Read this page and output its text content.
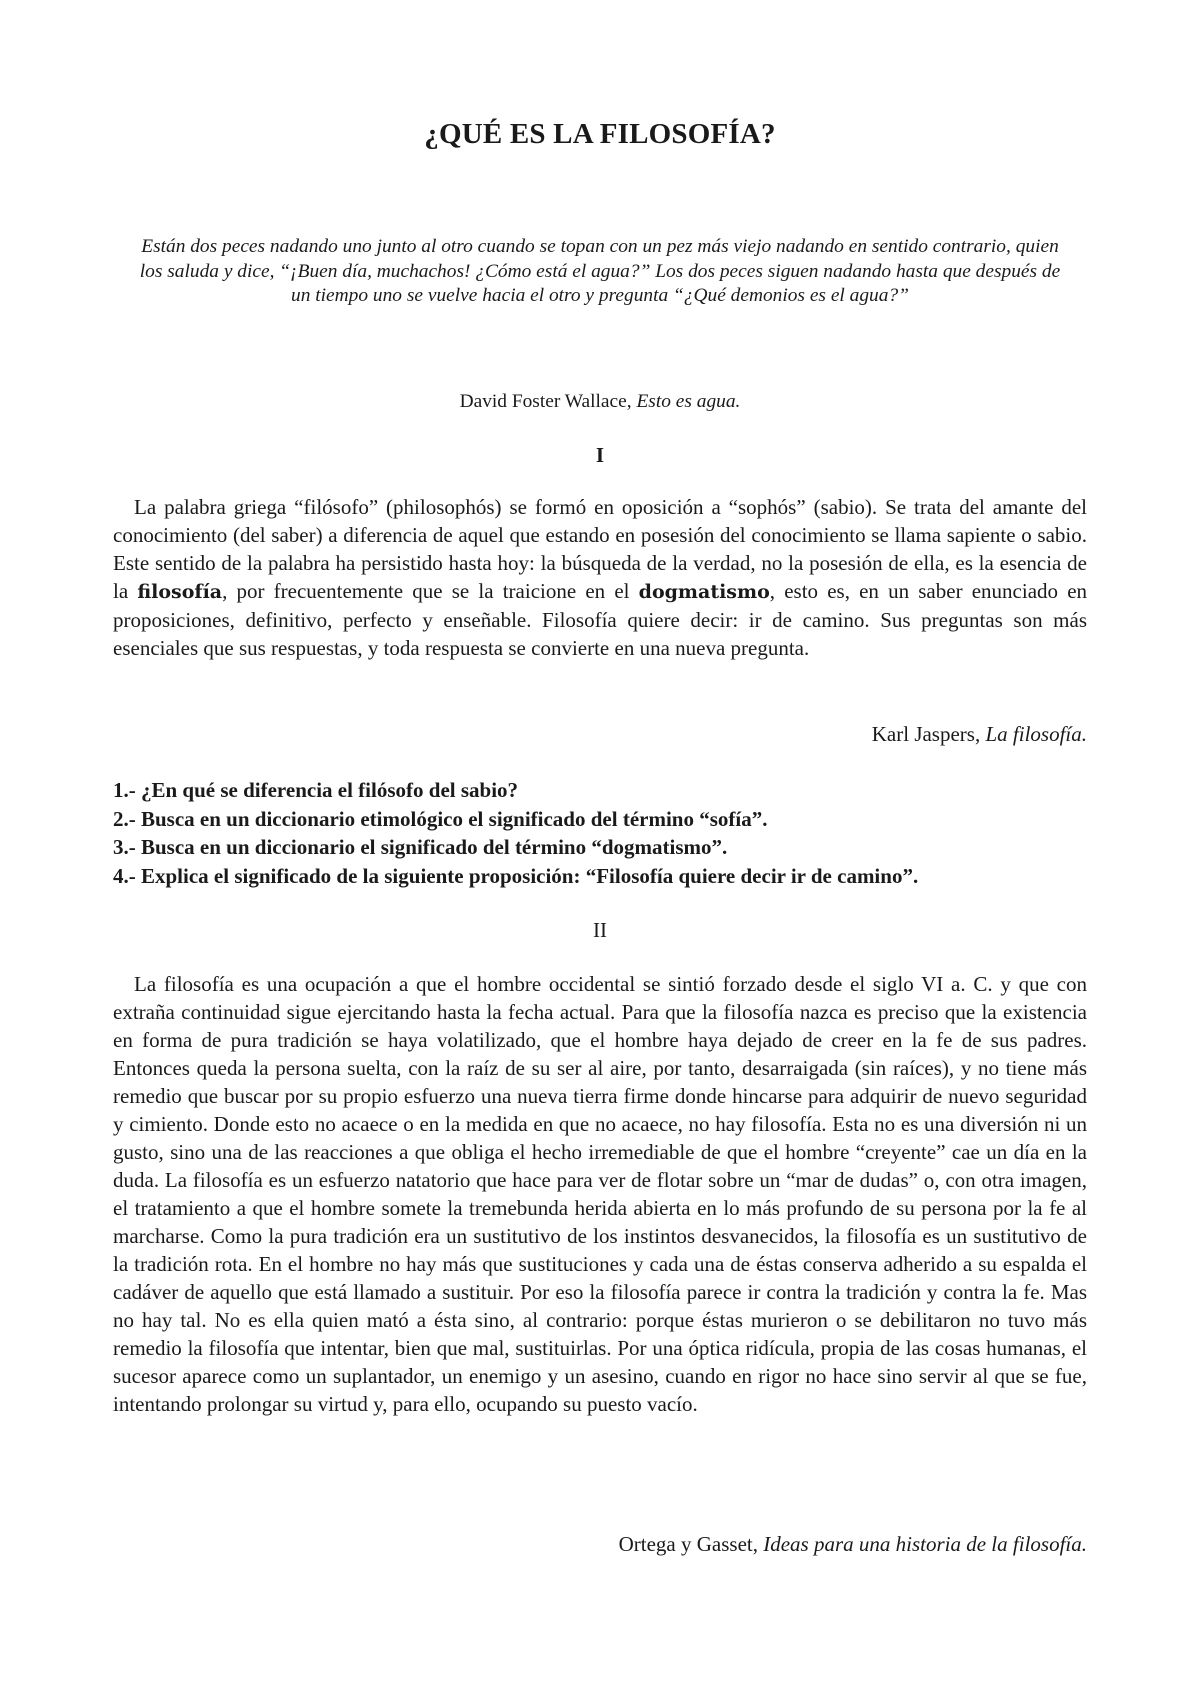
¿QUÉ ES LA FILOSOFÍA?

Están dos peces nadando uno junto al otro cuando se topan con un pez más viejo nadando en sentido contrario, quien los saluda y dice, “¡Buen día, muchachos! ¿Cómo está el agua?” Los dos peces siguen nadando hasta que después de un tiempo uno se vuelve hacia el otro y pregunta “¿Qué demonios es el agua?”

David Foster Wallace, Esto es agua.

I

La palabra griega “filósofo” (philosophós) se formó en oposición a “sophós” (sabio). Se trata del amante del conocimiento (del saber) a diferencia de aquel que estando en posesión del conocimiento se llama sapiente o sabio. Este sentido de la palabra ha persistido hasta hoy: la búsqueda de la verdad, no la posesión de ella, es la esencia de la filosofía, por frecuentemente que se la traicione en el dogmatismo, esto es, en un saber enunciado en proposiciones, definitivo, perfecto y enseñable. Filosofía quiere decir: ir de camino. Sus preguntas son más esenciales que sus respuestas, y toda respuesta se convierte en una nueva pregunta.

Karl Jaspers, La filosofía.

1.- ¿En qué se diferencia el filósofo del sabio?
2.- Busca en un diccionario etimológico el significado del término “sofía”.
3.- Busca en un diccionario el significado del término “dogmatismo”.
4.- Explica el significado de la siguiente proposición: “Filosofía quiere decir ir de camino”.
II

La filosofía es una ocupación a que el hombre occidental se sintió forzado desde el siglo VI a. C. y que con extraña continuidad sigue ejercitando hasta la fecha actual. Para que la filosofía nazca es preciso que la existencia en forma de pura tradición se haya volatilizado, que el hombre haya dejado de creer en la fe de sus padres. Entonces queda la persona suelta, con la raíz de su ser al aire, por tanto, desarraigada (sin raíces), y no tiene más remedio que buscar por su propio esfuerzo una nueva tierra firme donde hincarse para adquirir de nuevo seguridad y cimiento. Donde esto no acaece o en la medida en que no acaece, no hay filosofía. Esta no es una diversión ni un gusto, sino una de las reacciones a que obliga el hecho irremediable de que el hombre “creyente” cae un día en la duda. La filosofía es un esfuerzo natatorio que hace para ver de flotar sobre un “mar de dudas” o, con otra imagen, el tratamiento a que el hombre somete la tremebunda herida abierta en lo más profundo de su persona por la fe al marcharse. Como la pura tradición era un sustitutivo de los instintos desvanecidos, la filosofía es un sustitutivo de la tradición rota. En el hombre no hay más que sustituciones y cada una de éstas conserva adherido a su espalda el cadáver de aquello que está llamado a sustituir. Por eso la filosofía parece ir contra la tradición y contra la fe. Mas no hay tal. No es ella quien mató a ésta sino, al contrario: porque éstas murieron o se debilitaron no tuvo más remedio la filosofía que intentar, bien que mal, sustituirlas. Por una óptica ridícula, propia de las cosas humanas, el sucesor aparece como un suplantador, un enemigo y un asesino, cuando en rigor no hace sino servir al que se fue, intentando prolongar su virtud y, para ello, ocupando su puesto vacío.

Ortega y Gasset, Ideas para una historia de la filosofía.
